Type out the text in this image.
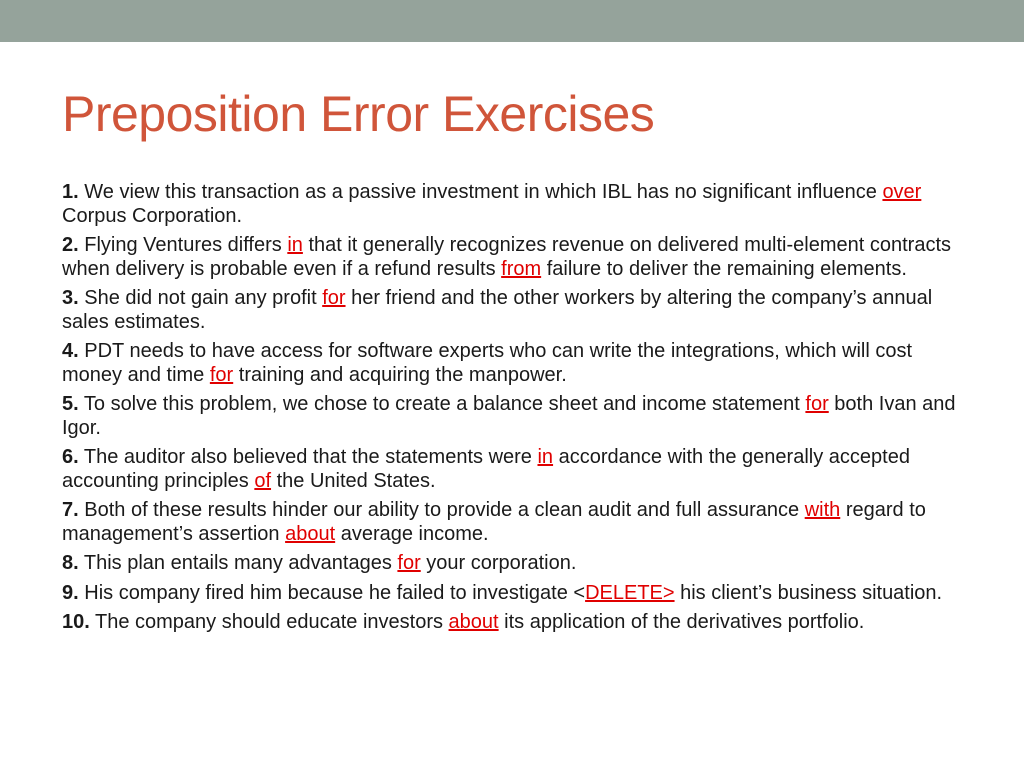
Preposition Error Exercises

1. We view this transaction as a passive investment in which IBL has no significant influence over Corpus Corporation.

2. Flying Ventures differs in that it generally recognizes revenue on delivered multi-element contracts when delivery is probable even if a refund results from failure to deliver the remaining elements.

3. She did not gain any profit for her friend and the other workers by altering the company’s annual sales estimates.

4. PDT needs to have access for software experts who can write the integrations, which will cost money and time for training and acquiring the manpower.

5. To solve this problem, we chose to create a balance sheet and income statement for both Ivan and Igor.

6. The auditor also believed that the statements were in accordance with the generally accepted accounting principles of the United States.

7. Both of these results hinder our ability to provide a clean audit and full assurance with regard to management’s assertion about average income.

8. This plan entails many advantages for your corporation.

9. His company fired him because he failed to investigate <DELETE> his client’s business situation.

10. The company should educate investors about its application of the derivatives portfolio.
